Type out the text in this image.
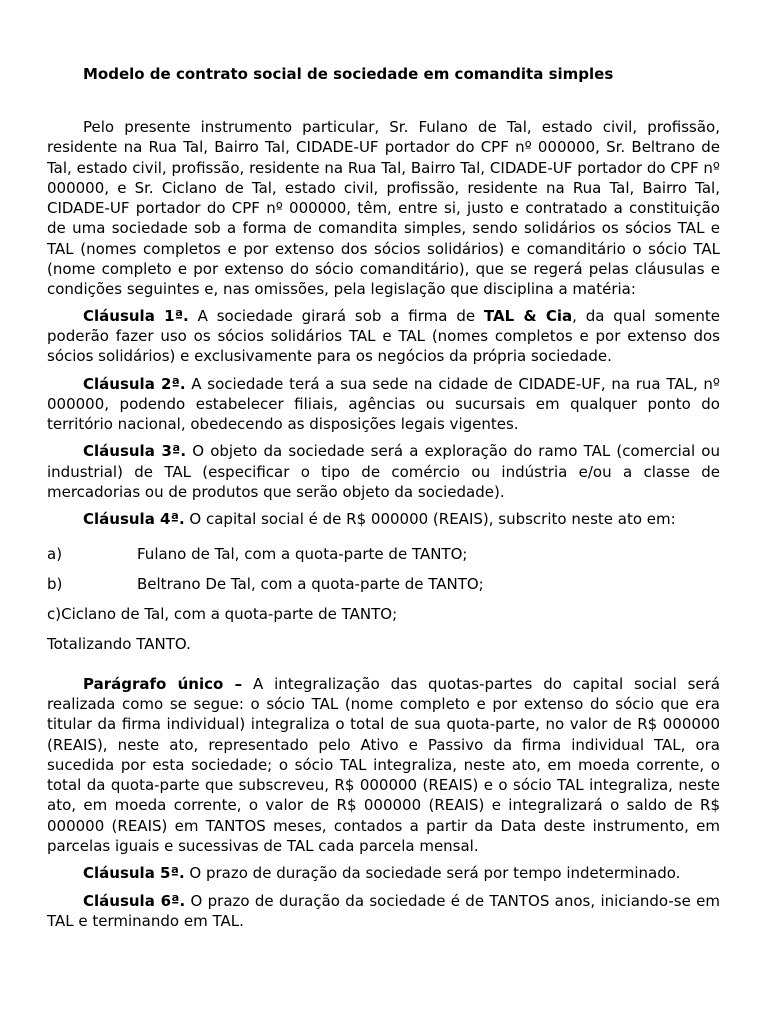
Modelo de contrato social de sociedade em comandita simples

Pelo presente instrumento particular, Sr. Fulano de Tal, estado civil, profissão, residente na Rua Tal, Bairro Tal, CIDADE-UF portador do CPF nº 000000, Sr. Beltrano de Tal, estado civil, profissão, residente na Rua Tal, Bairro Tal, CIDADE-UF portador do CPF nº 000000, e Sr. Ciclano de Tal, estado civil, profissão, residente na Rua Tal, Bairro Tal, CIDADE-UF portador do CPF nº 000000, têm, entre si, justo e contratado a constituição de uma sociedade sob a forma de comandita simples, sendo solidários os sócios TAL e TAL (nomes completos e por extenso dos sócios solidários) e comanditário o sócio TAL (nome completo e por extenso do sócio comanditário), que se regerá pelas cláusulas e condições seguintes e, nas omissões, pela legislação que disciplina a matéria:

Cláusula 1ª. A sociedade girará sob a firma de TAL & Cia, da qual somente poderão fazer uso os sócios solidários TAL e TAL (nomes completos e por extenso dos sócios solidários) e exclusivamente para os negócios da própria sociedade.

Cláusula 2ª. A sociedade terá a sua sede na cidade de CIDADE-UF, na rua TAL, nº 000000, podendo estabelecer filiais, agências ou sucursais em qualquer ponto do território nacional, obedecendo as disposições legais vigentes.

Cláusula 3ª. O objeto da sociedade será a exploração do ramo TAL (comercial ou industrial) de TAL (especificar o tipo de comércio ou indústria e/ou a classe de mercadorias ou de produtos que serão objeto da sociedade).

Cláusula 4ª. O capital social é de R$ 000000 (REAIS), subscrito neste ato em:

a)	Fulano de Tal, com a quota-parte de TANTO;
b)	Beltrano De Tal, com a quota-parte de TANTO;
c)Ciclano de Tal, com a quota-parte de TANTO;
Totalizando TANTO.

Parágrafo único – A integralização das quotas-partes do capital social será realizada como se segue: o sócio TAL (nome completo e por extenso do sócio que era titular da firma individual) integraliza o total de sua quota-parte, no valor de R$ 000000 (REAIS), neste ato, representado pelo Ativo e Passivo da firma individual TAL, ora sucedida por esta sociedade; o sócio TAL integraliza, neste ato, em moeda corrente, o total da quota-parte que subscreveu, R$ 000000 (REAIS) e o sócio TAL integraliza, neste ato, em moeda corrente, o valor de R$ 000000 (REAIS) e integralizará o saldo de R$ 000000 (REAIS) em TANTOS meses, contados a partir da Data deste instrumento, em parcelas iguais e sucessivas de TAL cada parcela mensal.

Cláusula 5ª. O prazo de duração da sociedade será por tempo indeterminado.

Cláusula 6ª. O prazo de duração da sociedade é de TANTOS anos, iniciando-se em TAL e terminando em TAL.
